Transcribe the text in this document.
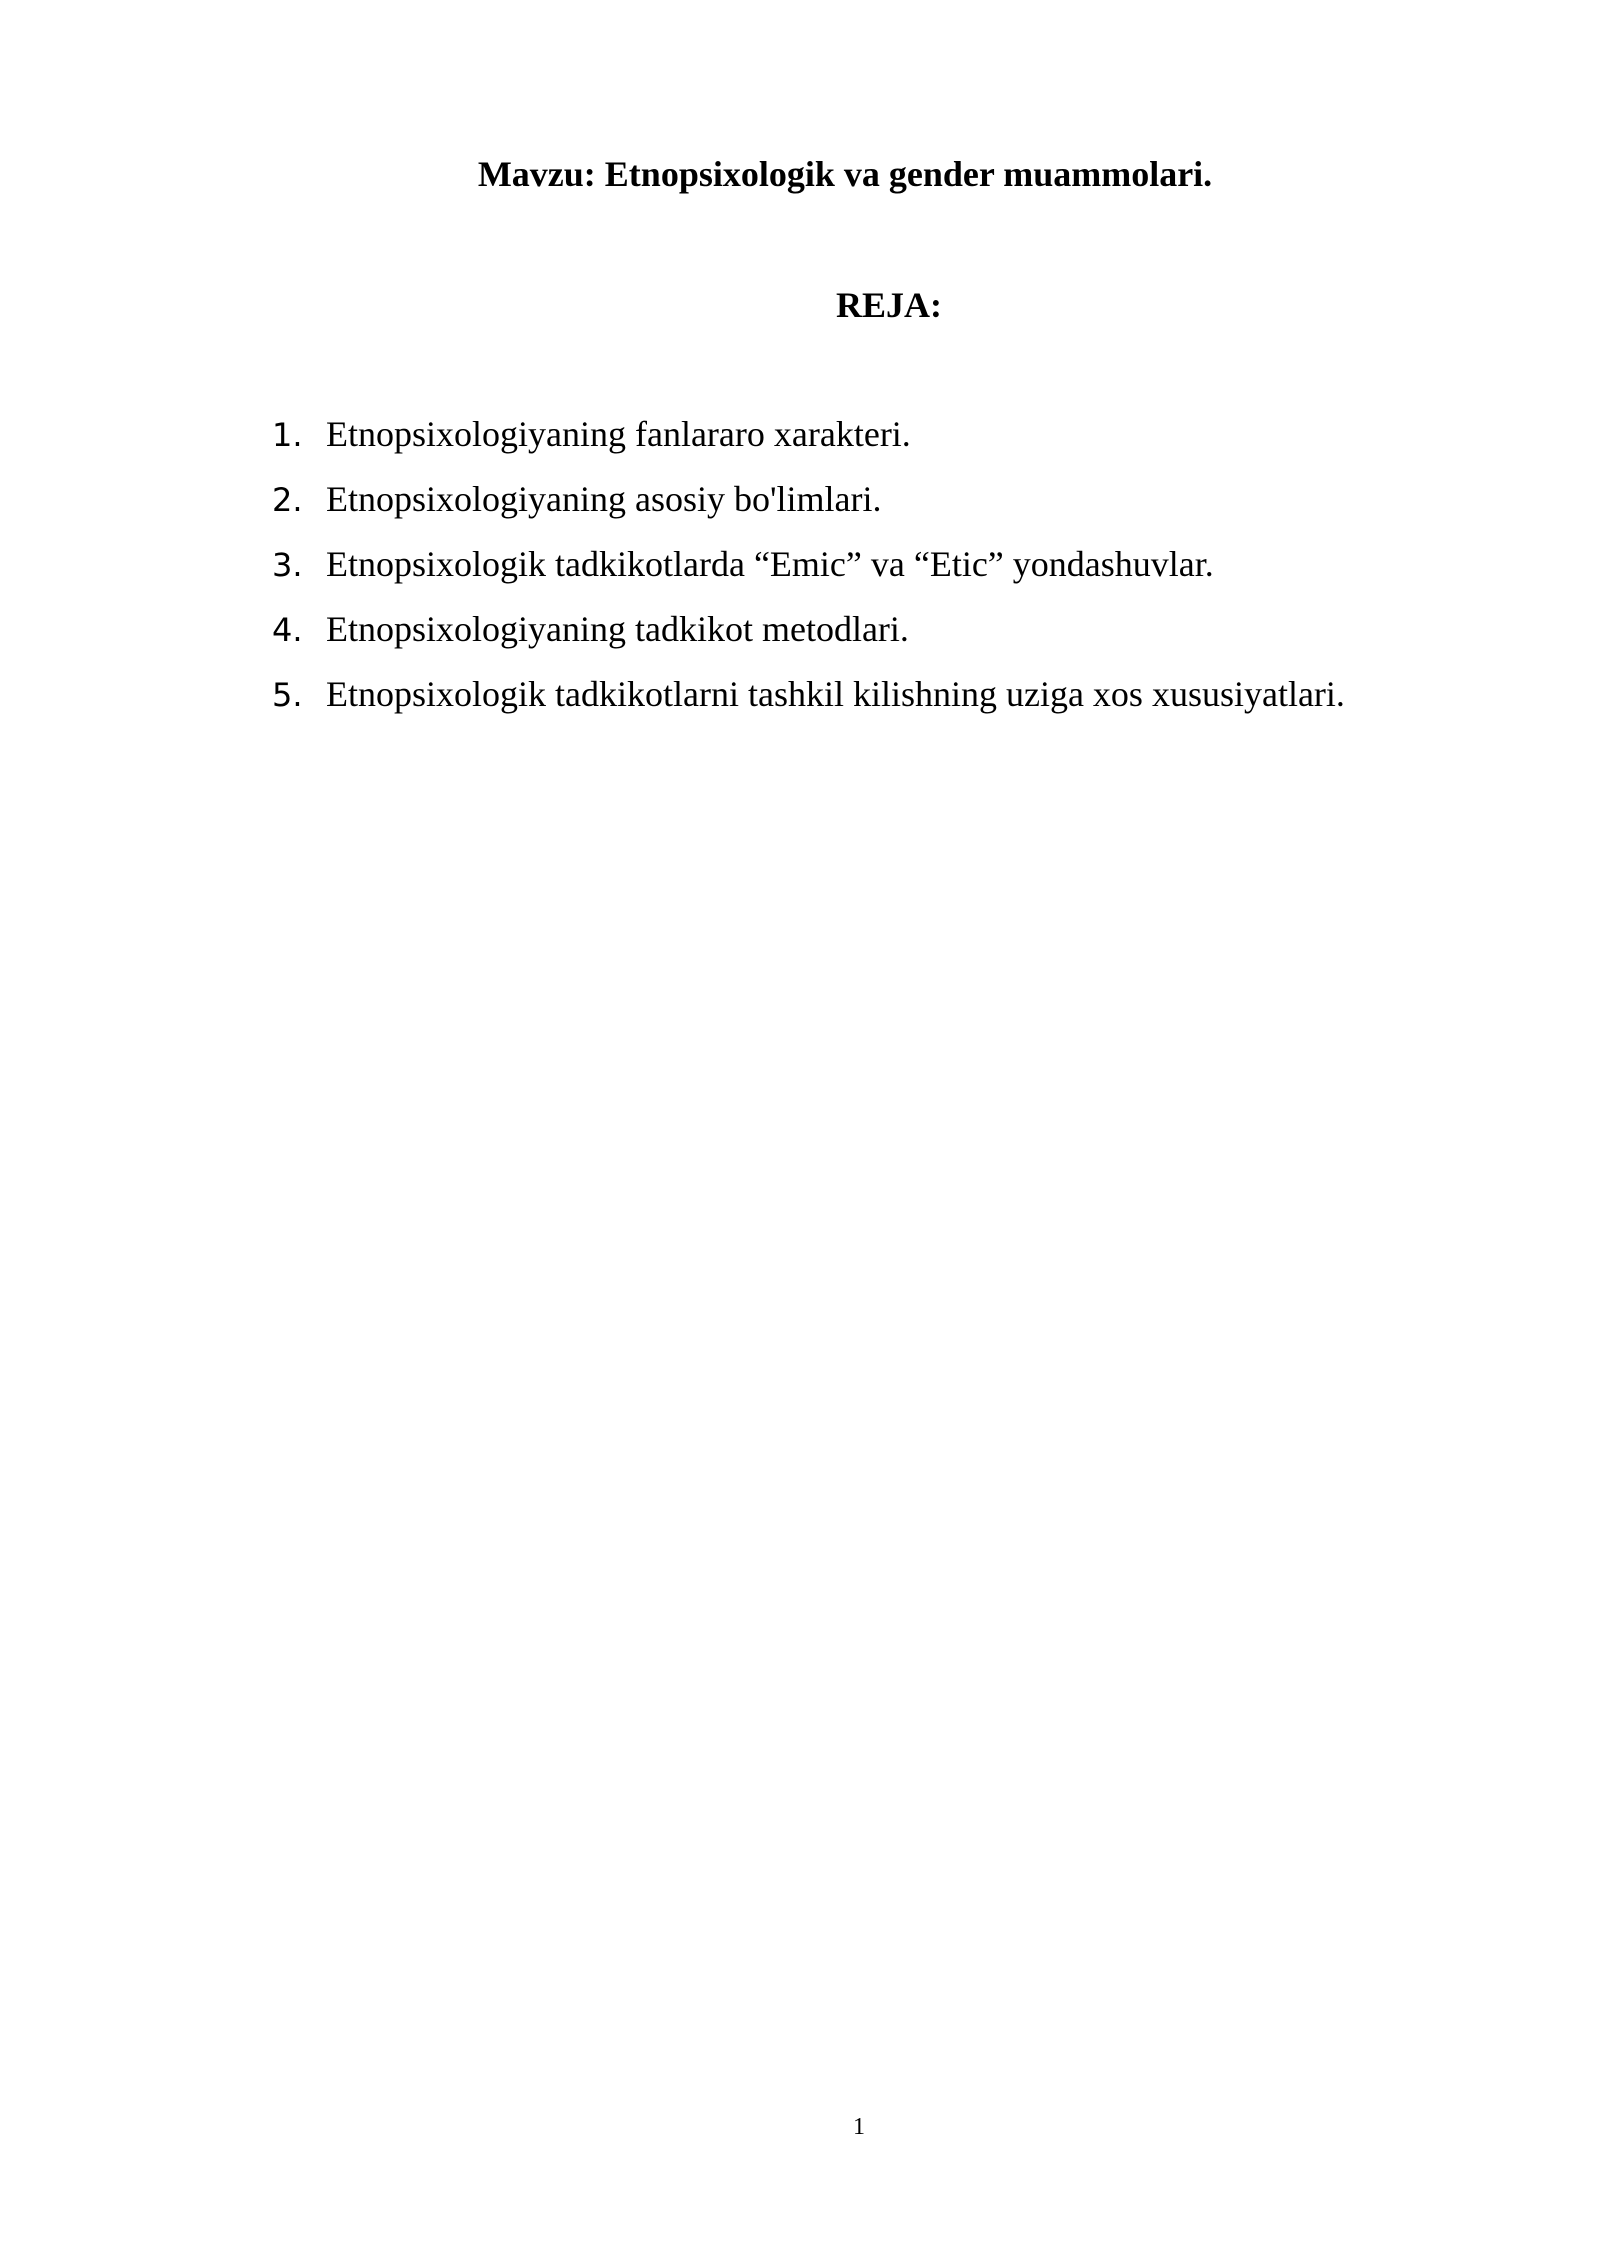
Mavzu: Etnopsixologik va gender muammolari.
REJA:
1. Etnopsixologiyaning fanlararo xarakteri.
2. Etnopsixologiyaning asosiy bo'limlari.
3. Etnopsixologik tadkikotlarda “Emic” va “Etic” yondashuvlar.
4. Etnopsixologiyaning tadkikot metodlari.
5. Etnopsixologik tadkikotlarni tashkil kilishning uziga xos xususiyatlari.
1
